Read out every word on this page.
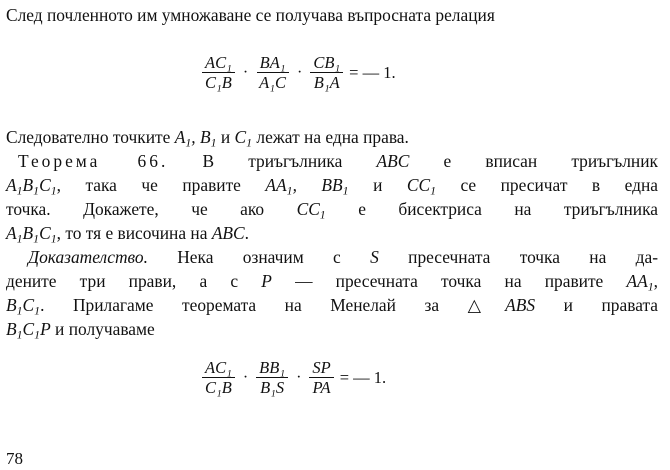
След почленното им умножаване се получава въпросната релация
$\frac{\text{AC₁}}{\text{C₁B}} \cdot \frac{\text{BA₁}}{\text{A₁C}} \cdot \frac{\text{CB₁}}{\text{B₁A}}$ = — 1.
Следователно точките $A_1$, $B_1$ и $C_1$ лежат на една права.
Теорема 66. В триъгълника ABC е вписан триъгълник
$A_1B_1C_1$, така че правите $AA_1$, $BB_1$ и $CC_1$ се пресичат в една
точка. Докажете, че ако $CC_1$ е бисектриса на триъгълника
$A_1B_1C_1$, то тя е височина на ABC.
Доказателство. Нека означим с S пресечната точка на да-
дените три прави, а с P — пресечната точка на правите $AA_1$,
$B_1C_1$. Прилагаме теоремата на Менелай за △ABS и правата
$B_1C_1P$ и получаваме
$\frac{\text{AC₁}}{\text{C₁B}} \cdot \frac{\text{BB₁}}{\text{B₁S}} \cdot \frac{SP}{PA}$ = — 1.
78
